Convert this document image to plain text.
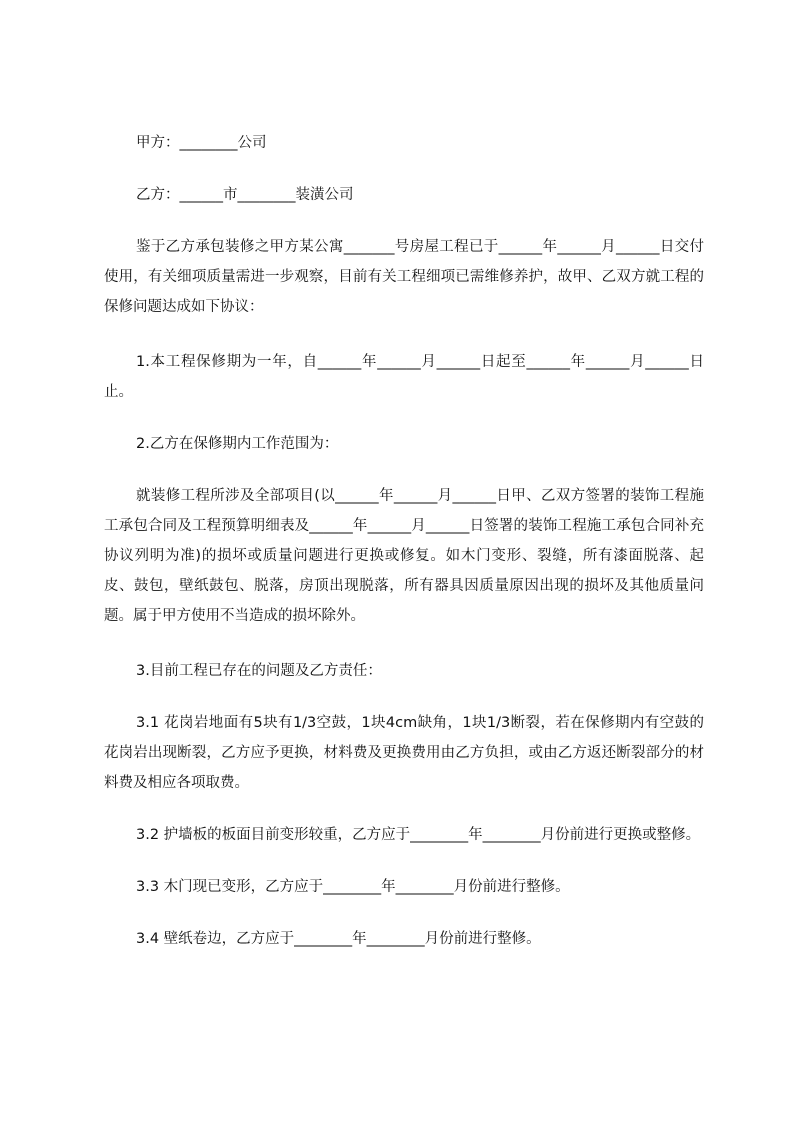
甲方：________公司

乙方：______市________装潢公司

鉴于乙方承包装修之甲方某公寓_______号房屋工程已于______年______月______日交付使用，有关细项质量需进一步观察，目前有关工程细项已需维修养护，故甲、乙双方就工程的保修问题达成如下协议：

1.本工程保修期为一年，自______年______月______日起至______年______月______日止。

2.乙方在保修期内工作范围为：

就装修工程所涉及全部项目(以______年______月______日甲、乙双方签署的装饰工程施工承包合同及工程预算明细表及______年______月______日签署的装饰工程施工承包合同补充协议列明为准)的损坏或质量问题进行更换或修复。如木门变形、裂缝，所有漆面脱落、起皮、鼓包，壁纸鼓包、脱落，房顶出现脱落，所有器具因质量原因出现的损坏及其他质量问题。属于甲方使用不当造成的损坏除外。

3.目前工程已存在的问题及乙方责任：

3.1 花岗岩地面有5块有1/3空鼓，1块4cm缺角，1块1/3断裂，若在保修期内有空鼓的花岗岩出现断裂，乙方应予更换，材料费及更换费用由乙方负担，或由乙方返还断裂部分的材料费及相应各项取费。

3.2 护墙板的板面目前变形较重，乙方应于________年________月份前进行更换或整修。

3.3 木门现已变形，乙方应于________年________月份前进行整修。

3.4 壁纸卷边，乙方应于________年________月份前进行整修。
